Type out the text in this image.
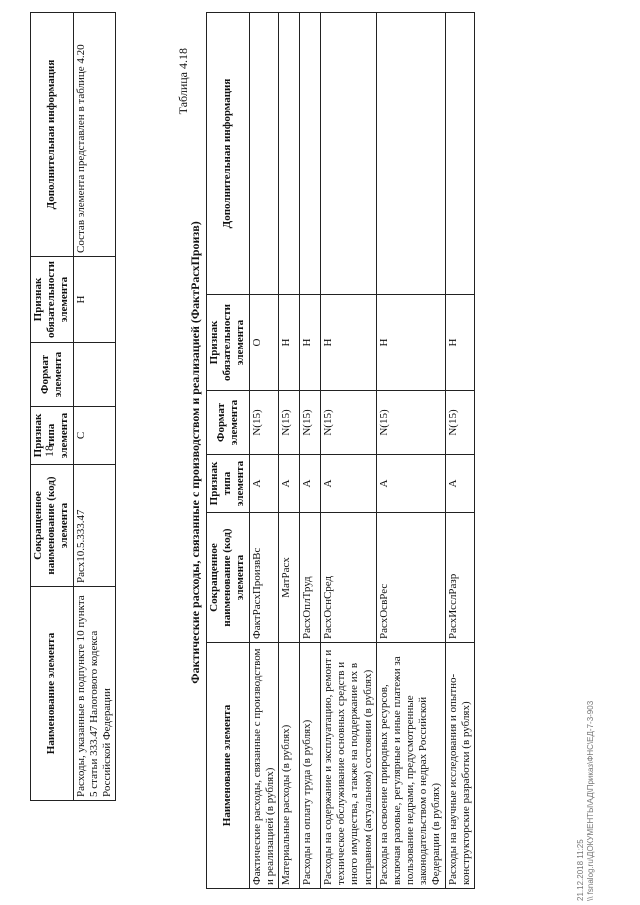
18
Наименование элемента	Сокращенное наименование (код) элемента	Признак типа элемента	Формат элемента	Признак обязательности элемента	Дополнительная информация
Расходы, указанные в подпункте 10 пункта 5 статьи 333.47 Налогового кодекса Российской Федерации	Расх10.5.333.47	С		Н	Состав элемента представлен в таблице 4.20	Таблица 4.18
Фактические расходы, связанные с производством и реализацией (ФактРасхПроизв)
Наименование элемента	Сокращенное наименование (код) элемента	Признак типа элемента	Формат элемента	Признак обязательности элемента	Дополнительная информация
Фактические расходы, связанные с производством и реализацией (в рублях)	ФактРасхПроизвВс	А	N(15)	О	
Материальные расходы (в рублях)	МатРасх	А	N(15)	Н	
Расходы на оплату труда (в рублях)	РасхОплТруд	А	N(15)	Н	
Расходы на содержание и эксплуатацию, ремонт и техническое обслуживание основных средств и иного имущества, а также на поддержание их в исправном (актуальном) состоянии (в рублях)	РасхОснСред	А	N(15)	Н	
Расходы на освоение природных ресурсов, включая разовые, регулярные и иные платежи за пользование недрами, предусмотренные законодательством о недрах Российской Федерации (в рублях)	РасхОсвРес	А	N(15)	Н	
Расходы на научные исследования и опытно-конструкторские разработки (в рублях)	РасхИсслРазр	А	N(15)	Н	
21.12.2018 11:25 \\ fsnalog.ru\ДОКУМЕНТЫ\АД\Приказ\ФНС\ЕД-7-3-903
